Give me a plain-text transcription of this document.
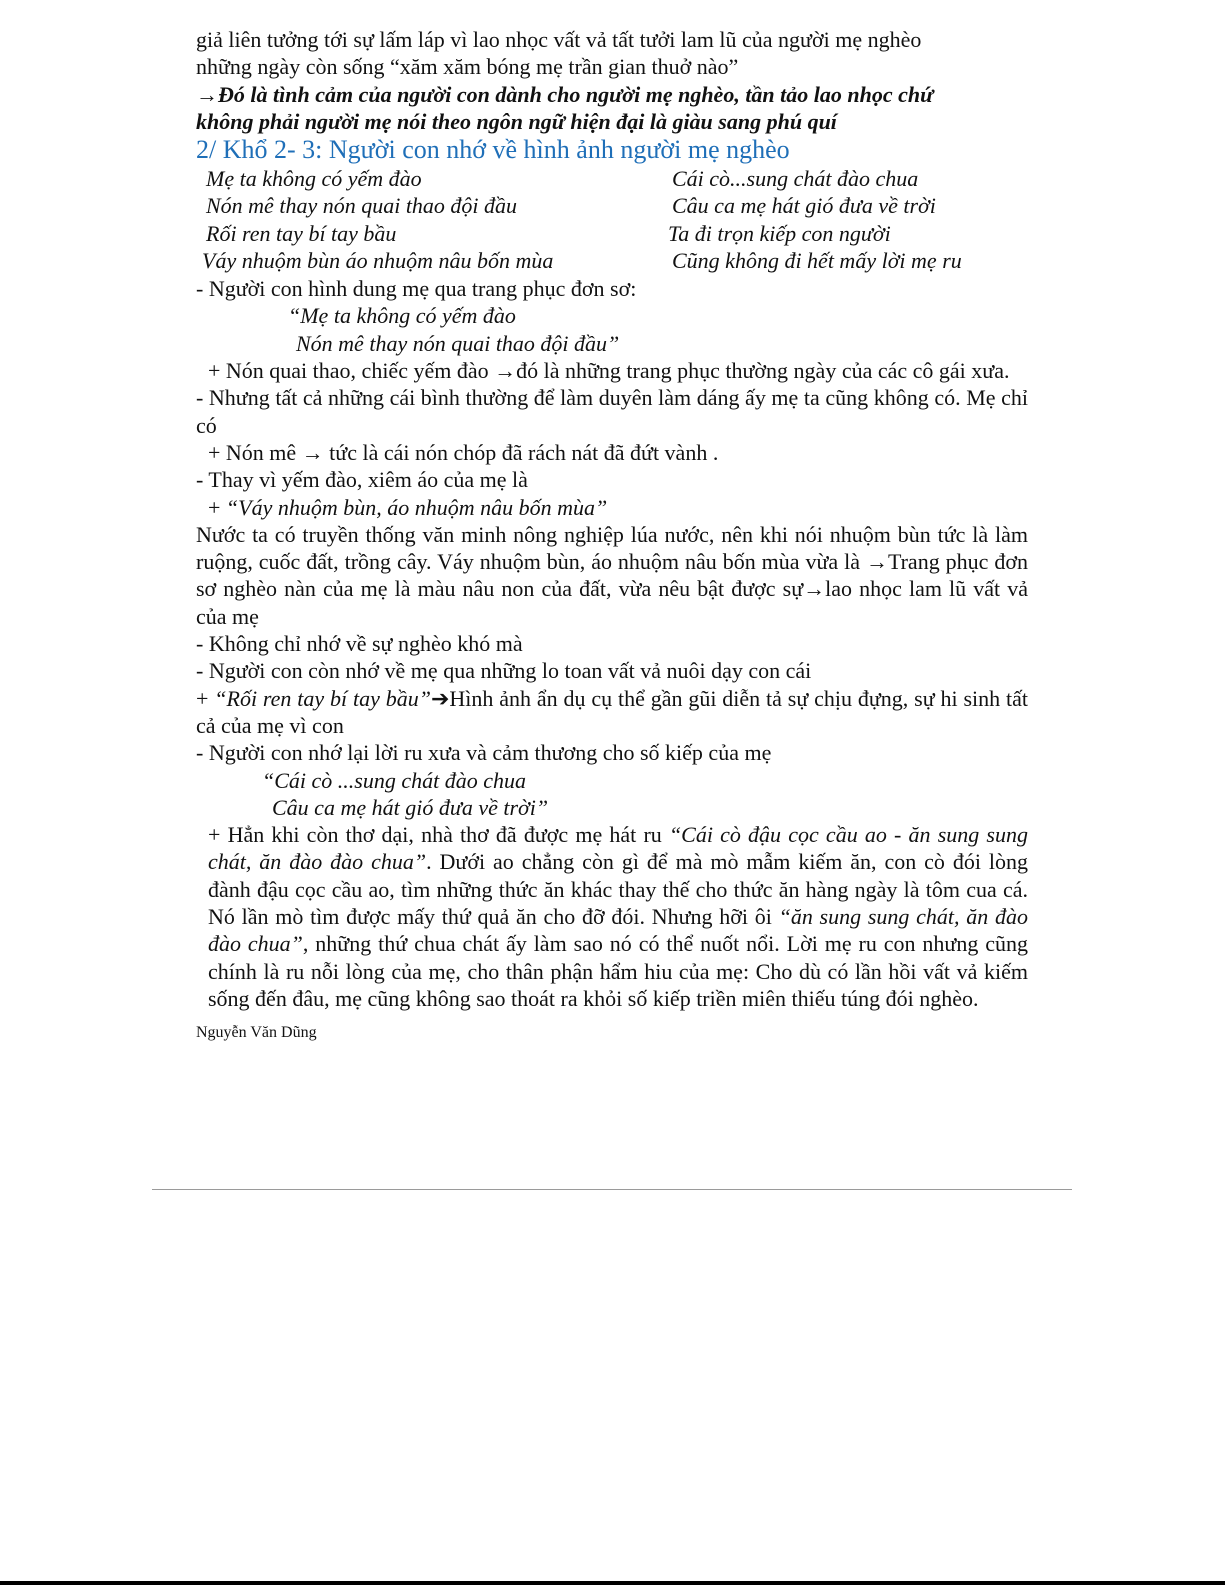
giả liên tưởng tới sự lấm láp vì lao nhọc vất vả tất tưởi lam lũ của người mẹ nghèo

những ngày còn sống “xăm xăm bóng mẹ trần gian thuở nào”

→Đó là tình cảm của người con dành cho người mẹ nghèo, tần tảo lao nhọc chứ

không phải người mẹ nói theo ngôn ngữ hiện đại là giàu sang phú quí

2/ Khổ 2- 3: Người con nhớ về hình ảnh người mẹ nghèo

Mẹ ta không có yếm đào
Nón mê thay nón quai thao đội đầu
Rối ren tay bí tay bầu
Váy nhuộm bùn áo nhuộm nâu bốn mùa
Cái cò...sung chát đào chua
Câu ca mẹ hát gió đưa về trời
Ta đi trọn kiếp con người
Cũng không đi hết mấy lời mẹ ru

- Người con hình dung mẹ qua trang phục đơn sơ:

“Mẹ ta không có yếm đào

Nón mê thay nón quai thao đội đầu”

+ Nón quai thao, chiếc yếm đào →đó là những trang phục thường ngày của các cô gái xưa.

- Nhưng tất cả những cái bình thường để làm duyên làm dáng ấy mẹ ta cũng không có. Mẹ chỉ có

+ Nón mê → tức là cái nón chóp đã rách nát đã đứt vành .

- Thay vì yếm đào, xiêm áo của mẹ là

+ “Váy nhuộm bùn, áo nhuộm nâu bốn mùa”

Nước ta có truyền thống văn minh nông nghiệp lúa nước, nên khi nói nhuộm bùn tức là làm ruộng, cuốc đất, trồng cây. Váy nhuộm bùn, áo nhuộm nâu bốn mùa vừa là →Trang phục đơn sơ nghèo nàn của mẹ là màu nâu non của đất, vừa nêu bật được sự→lao nhọc lam lũ vất vả của mẹ

- Không chỉ nhớ về sự nghèo khó mà

- Người con còn nhớ về mẹ qua những lo toan vất vả nuôi dạy con cái

+ “Rối ren tay bí tay bầu”➔Hình ảnh ẩn dụ cụ thể gần gũi diễn tả sự chịu đựng, sự hi sinh tất cả của mẹ vì con

- Người con nhớ lại lời ru xưa và cảm thương cho số kiếp của mẹ

“Cái cò ...sung chát đào chua

Câu ca mẹ hát gió đưa về trời”

+ Hẳn khi còn thơ dại, nhà thơ đã được mẹ hát ru “Cái cò đậu cọc cầu ao - ăn sung sung chát, ăn đào đào chua”. Dưới ao chẳng còn gì để mà mò mẫm kiếm ăn, con cò đói lòng đành đậu cọc cầu ao, tìm những thức ăn khác thay thế cho thức ăn hàng ngày là tôm cua cá. Nó lần mò tìm được mấy thứ quả ăn cho đỡ đói. Nhưng hỡi ôi “ăn sung sung chát, ăn đào đào chua”, những thứ chua chát ấy làm sao nó có thể nuốt nổi. Lời mẹ ru con nhưng cũng chính là ru nỗi lòng của mẹ, cho thân phận hẩm hiu của mẹ: Cho dù có lần hồi vất vả kiếm sống đến đâu, mẹ cũng không sao thoát ra khỏi số kiếp triền miên thiếu túng đói nghèo.

Nguyễn Văn Dũng
